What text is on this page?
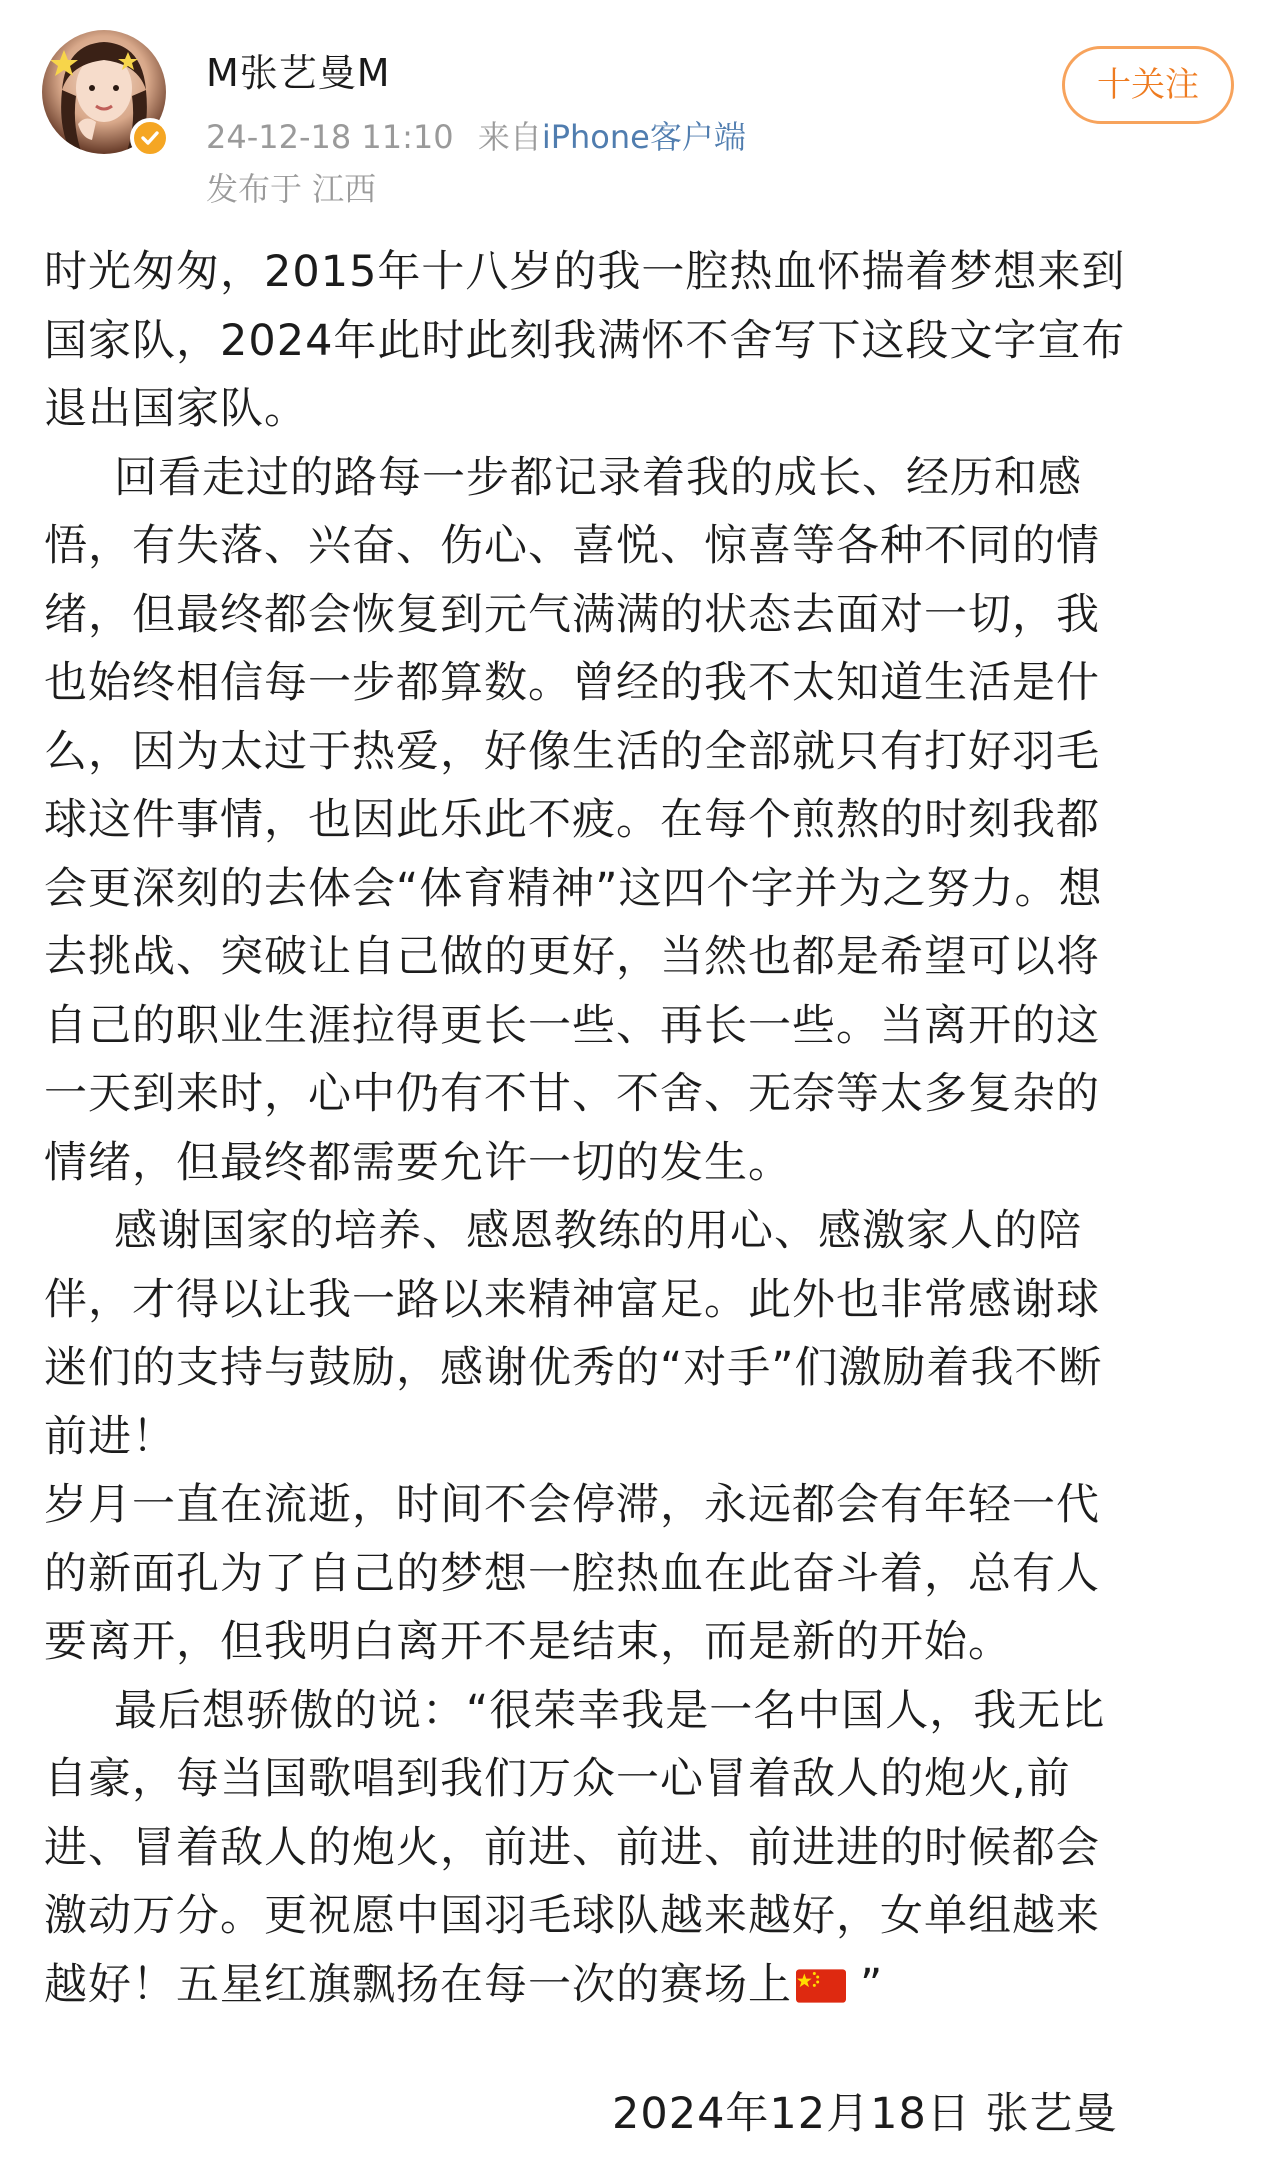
M张艺曼M
24-12-18 11:10 来自iPhone客户端
发布于 江西
十关注
时光匆匆，2015年十八岁的我一腔热血怀揣着梦想来到
国家队，2024年此时此刻我满怀不舍写下这段文字宣布
退出国家队。
回看走过的路每一步都记录着我的成长、经历和感
悟，有失落、兴奋、伤心、喜悦、惊喜等各种不同的情
绪，但最终都会恢复到元气满满的状态去面对一切，我
也始终相信每一步都算数。曾经的我不太知道生活是什
么，因为太过于热爱，好像生活的全部就只有打好羽毛
球这件事情，也因此乐此不疲。在每个煎熬的时刻我都
会更深刻的去体会“体育精神”这四个字并为之努力。想
去挑战、突破让自己做的更好，当然也都是希望可以将
自己的职业生涯拉得更长一些、再长一些。当离开的这
一天到来时，心中仍有不甘、不舍、无奈等太多复杂的
情绪，但最终都需要允许一切的发生。
感谢国家的培养、感恩教练的用心、感激家人的陪
伴，才得以让我一路以来精神富足。此外也非常感谢球
迷们的支持与鼓励，感谢优秀的“对手”们激励着我不断
前进！
岁月一直在流逝，时间不会停滞，永远都会有年轻一代
的新面孔为了自己的梦想一腔热血在此奋斗着，总有人
要离开，但我明白离开不是结束，而是新的开始。
最后想骄傲的说：“很荣幸我是一名中国人，我无比
自豪，每当国歌唱到我们万众一心冒着敌人的炮火,前
进、冒着敌人的炮火，前进、前进、前进进的时候都会
激动万分。更祝愿中国羽毛球队越来越好，女单组越来
越好！五星红旗飘扬在每一次的赛场上 ”
2024年12月18日 张艺曼
